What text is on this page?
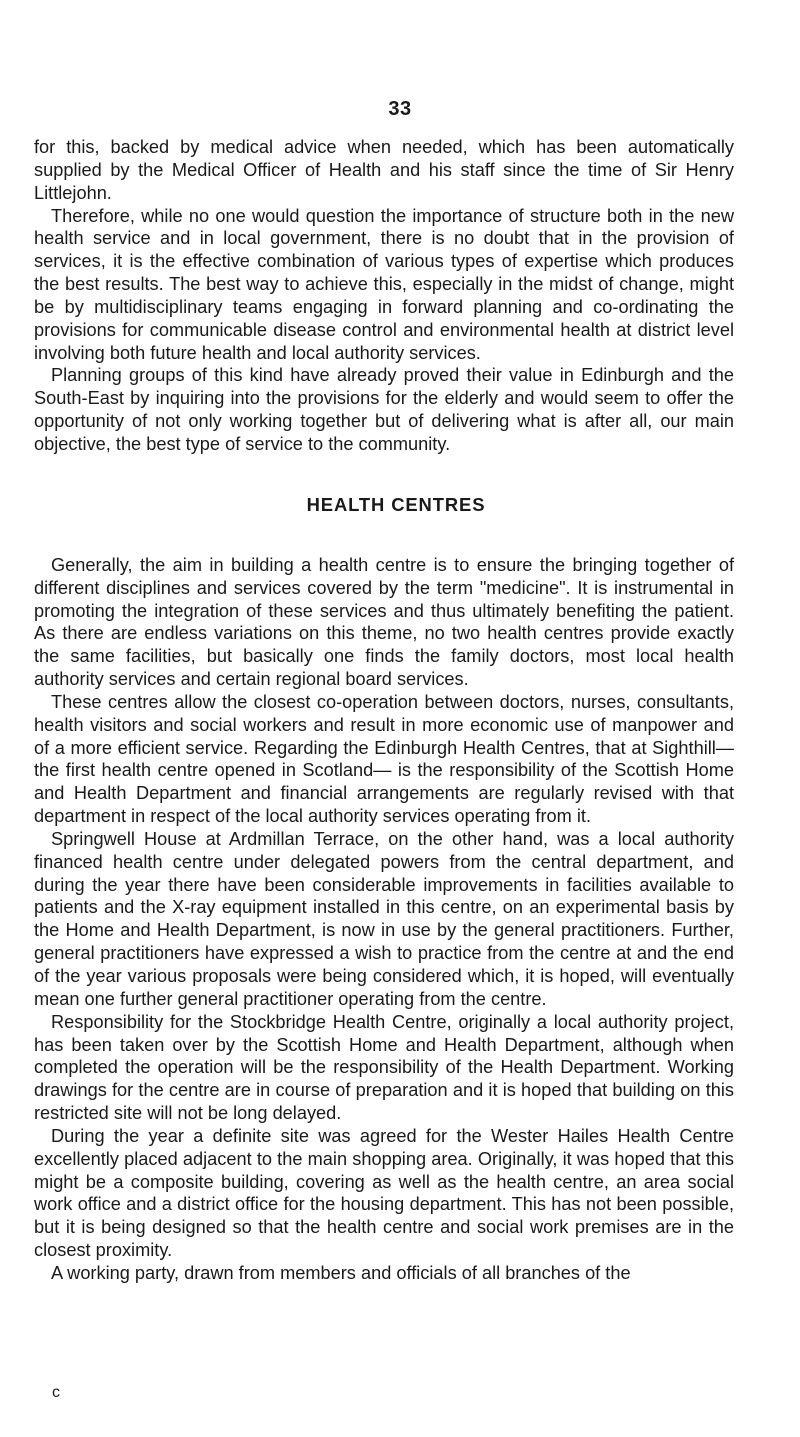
33

for this, backed by medical advice when needed, which has been automatically supplied by the Medical Officer of Health and his staff since the time of Sir Henry Littlejohn.

Therefore, while no one would question the importance of structure both in the new health service and in local government, there is no doubt that in the provision of services, it is the effective combination of various types of expertise which produces the best results. The best way to achieve this, especially in the midst of change, might be by multidisciplinary teams engaging in forward planning and co-ordinating the provisions for communicable disease control and environmental health at district level involving both future health and local authority services.

Planning groups of this kind have already proved their value in Edinburgh and the South-East by inquiring into the provisions for the elderly and would seem to offer the opportunity of not only working together but of delivering what is after all, our main objective, the best type of service to the community.

HEALTH CENTRES

Generally, the aim in building a health centre is to ensure the bringing together of different disciplines and services covered by the term "medicine". It is instrumental in promoting the integration of these services and thus ultimately benefiting the patient. As there are endless variations on this theme, no two health centres provide exactly the same facilities, but basically one finds the family doctors, most local health authority services and certain regional board services.

These centres allow the closest co-operation between doctors, nurses, consultants, health visitors and social workers and result in more economic use of manpower and of a more efficient service. Regarding the Edinburgh Health Centres, that at Sighthill—the first health centre opened in Scotland— is the responsibility of the Scottish Home and Health Department and financial arrangements are regularly revised with that department in respect of the local authority services operating from it.

Springwell House at Ardmillan Terrace, on the other hand, was a local authority financed health centre under delegated powers from the central department, and during the year there have been considerable improvements in facilities available to patients and the X-ray equipment installed in this centre, on an experimental basis by the Home and Health Department, is now in use by the general practitioners. Further, general practitioners have expressed a wish to practice from the centre at and the end of the year various proposals were being considered which, it is hoped, will eventually mean one further general practitioner operating from the centre.

Responsibility for the Stockbridge Health Centre, originally a local authority project, has been taken over by the Scottish Home and Health Department, although when completed the operation will be the responsibility of the Health Department. Working drawings for the centre are in course of preparation and it is hoped that building on this restricted site will not be long delayed.

During the year a definite site was agreed for the Wester Hailes Health Centre excellently placed adjacent to the main shopping area. Originally, it was hoped that this might be a composite building, covering as well as the health centre, an area social work office and a district office for the housing department. This has not been possible, but it is being designed so that the health centre and social work premises are in the closest proximity.

A working party, drawn from members and officials of all branches of the

c
